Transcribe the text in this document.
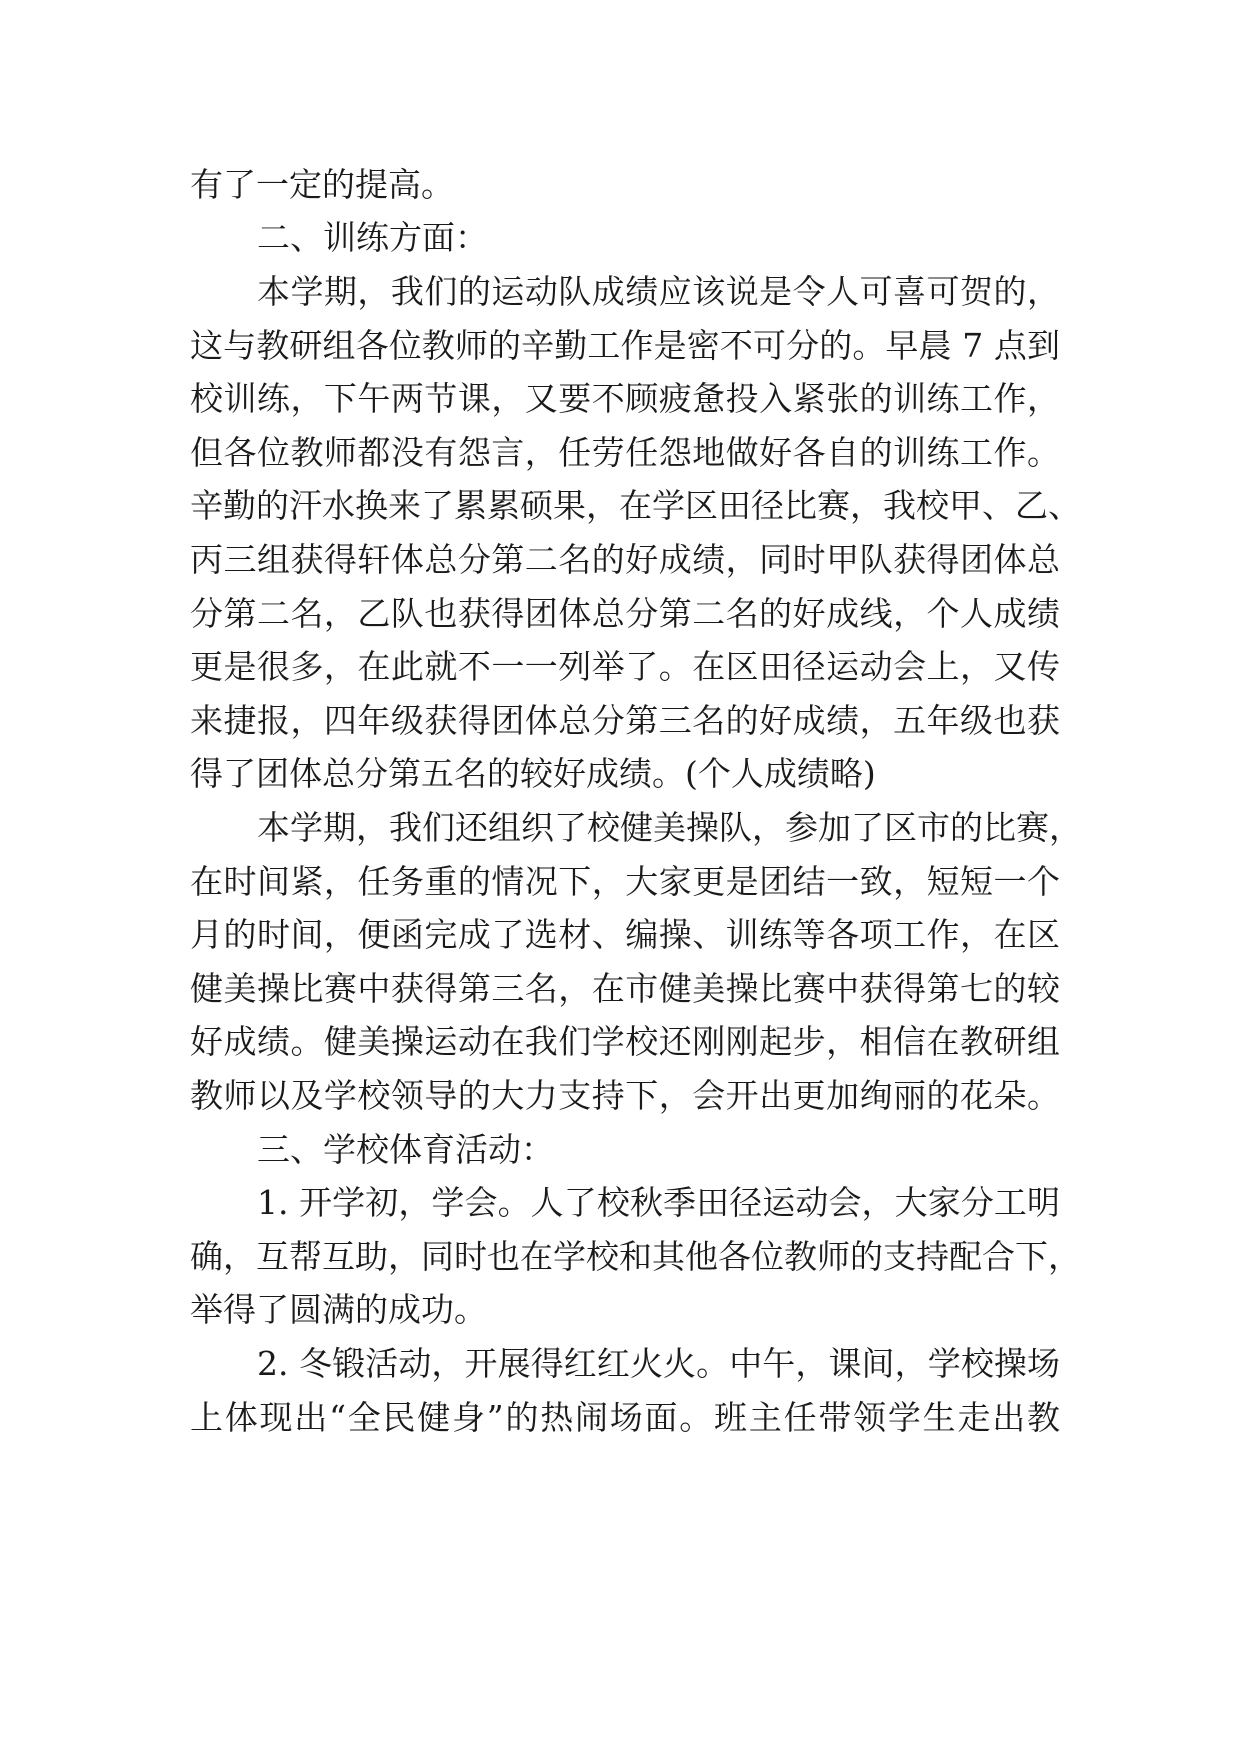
有了一定的提高。
二、训练方面：
本学期，我们的运动队成绩应该说是令人可喜可贺的，
这与教研组各位教师的辛勤工作是密不可分的。早晨 7 点到
校训练，下午两节课，又要不顾疲惫投入紧张的训练工作，
但各位教师都没有怨言，任劳任怨地做好各自的训练工作。
辛勤的汗水换来了累累硕果，在学区田径比赛，我校甲、乙、
丙三组获得轩体总分第二名的好成绩，同时甲队获得团体总
分第二名，乙队也获得团体总分第二名的好成线，个人成绩
更是很多，在此就不一一列举了。在区田径运动会上，又传
来捷报，四年级获得团体总分第三名的好成绩，五年级也获
得了团体总分第五名的较好成绩。(个人成绩略)
本学期，我们还组织了校健美操队，参加了区市的比赛，
在时间紧，任务重的情况下，大家更是团结一致，短短一个
月的时间，便函完成了选材、编操、训练等各项工作，在区
健美操比赛中获得第三名，在市健美操比赛中获得第七的较
好成绩。健美操运动在我们学校还刚刚起步，相信在教研组
教师以及学校领导的大力支持下，会开出更加绚丽的花朵。
三、学校体育活动：
1. 开学初，学会。人了校秋季田径运动会，大家分工明
确，互帮互助，同时也在学校和其他各位教师的支持配合下，
举得了圆满的成功。
2. 冬锻活动，开展得红红火火。中午，课间，学校操场
上体现出“全民健身”的热闹场面。班主任带领学生走出教
